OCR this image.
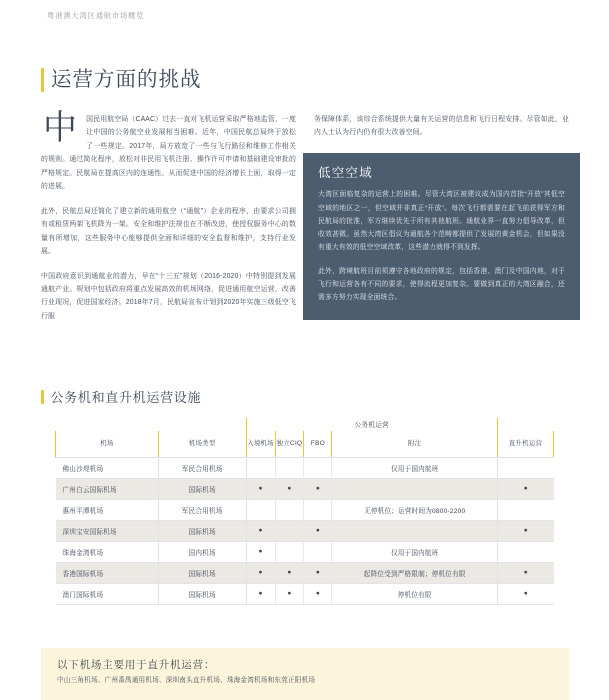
粤港澳大湾区通航市场概览
运营方面的挑战

中 国民用航空局（CAAC）过去一直对飞机运营采取严格地监管，一度让中国的公务航空业发展相当困难。近年，中国民航总局终于放松了一些规定。2017年，局方放宽了一些与飞行路径和维修工作相关的规则。通过简化程序，放松对非民用飞机注册、操作许可申请和基础建设审批的严格规定。民航局在提高区内的连通性、从而促进中国的经济增长上面，取得一定的进展。

此外，民航总局还简化了建立新的通用航空（“通航”）企业的程序，由要求公司拥有或租赁两架飞机降为一架。安全和维护法规也在不断改进，使授权服务中心的数量有所增加，这些服务中心能够提供全面和详细的安全监督和维护，支持行业发展。

中国政府意识到通航业的潜力，早在“十三五”规划（2016-2020）中特别提到发展通航产业。规划中包括政府将重点发展高效的机场网络，促进通用航空运营，改善行业现况，促进国家经济。2018年7月，民航局宣布计划到2020年实施三级低空飞行服

务保障体系，该综合系统提供大量有关运营的信息和飞行日程安排。尽管如此，业内人士认为行内仍有很大改善空间。

低空空域

大湾区面临复杂的运营上的困难。尽管大湾区被建议成为国内首批“开放”其低空空域的地区之一，但空域并非真正“开放”。每次飞行都需要在起飞前获得军方和民航局的批准，军方继续优先于所有其他航班。通航业界一直努力倡导改革，但收效甚微。虽然大湾区倡议为通航各个范畴都提供了发展的黄金机会，但如果没有重大有效的低空空域改革，这些潜力就得不到发挥。

此外，跨境航班目前须遵守各地政府的规定，包括香港、澳门及中国内地，对于飞行和运营各有不同的要求，使得流程更加复杂。要做到真正的大湾区融合，还需多方努力实现全面统合。

公务机和直升机运营设施
		公务机运营				
机场	机场类型	入境机场	独立CIQ	FBO	附注	直升机运营
佛山沙堤机场	军民合用机场				仅用于国内航班	
广州白云国际机场	国际机场	●	●	●		●
惠州平潭机场	军民合用机场				无停机位；运营时间为0800-2200	
深圳宝安国际机场	国际机场	●		●		●
珠海金湾机场	国内机场	●			仅用于国内航班	
香港国际机场	国际机场	●	●	●	起降位受到严格限制；停机位有限	●
澳门国际机场	国际机场	●	●	●	停机位有限	●
以下机场主要用于直升机运营：
中山三角机场、广州番禺通用机场、深圳南头直升机场、珠海金湾机场和东莞正阳机场
